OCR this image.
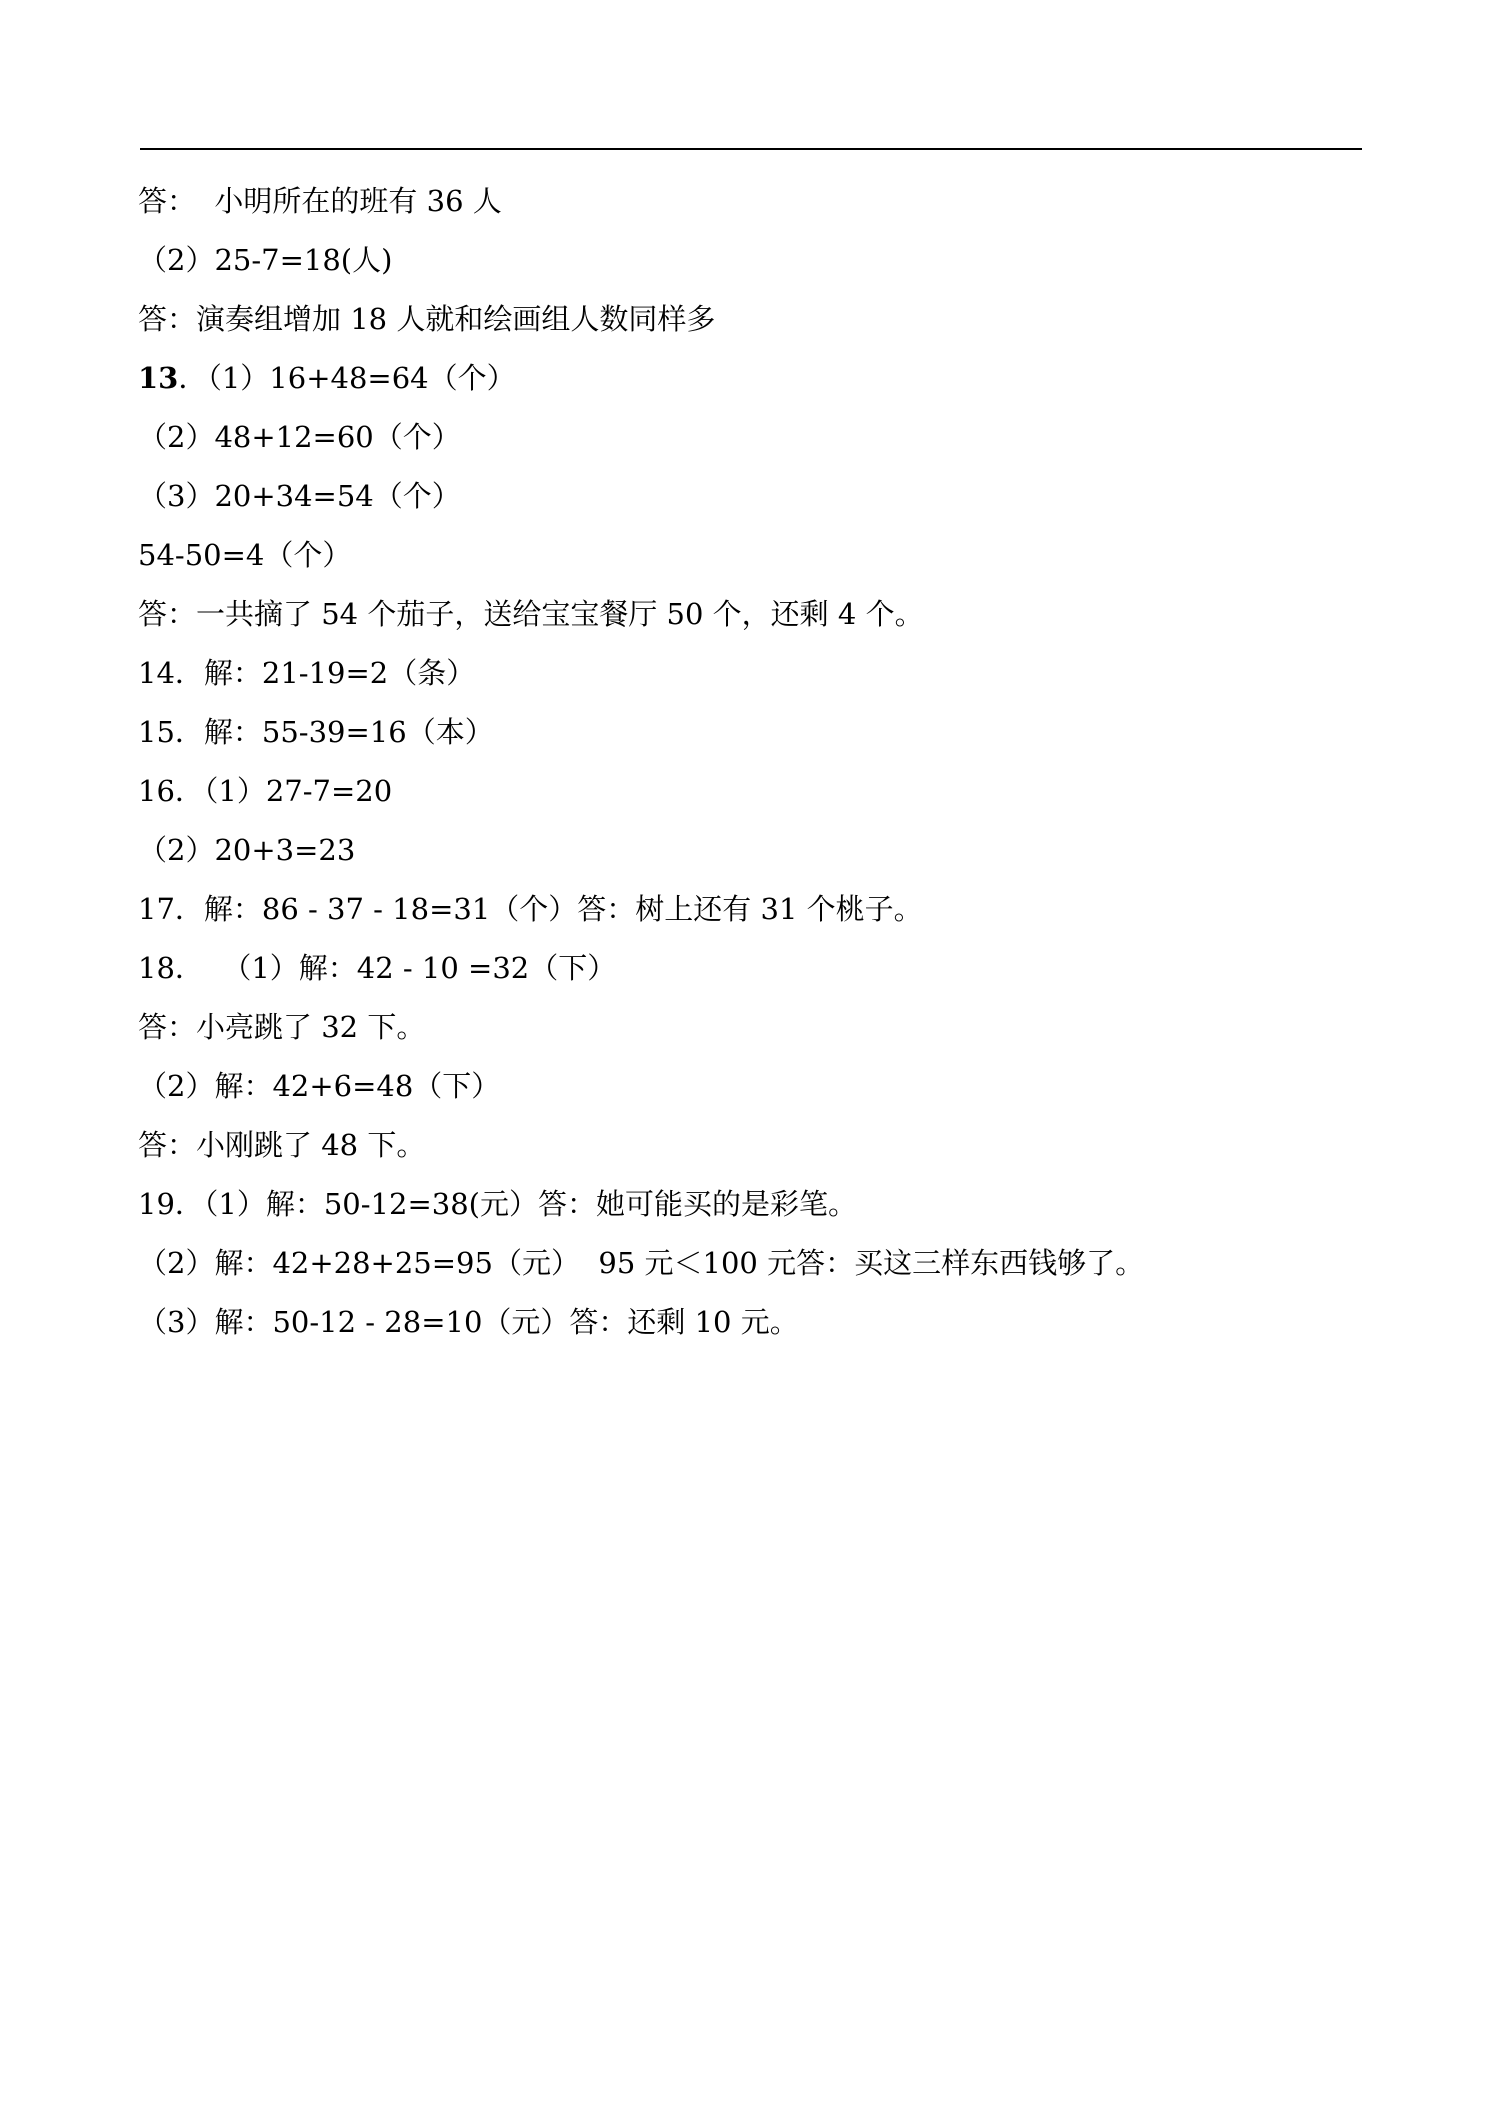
答：  小明所在的班有 36 人
（2）25-7=18(人)
答：演奏组增加 18 人就和绘画组人数同样多
13．（1）16+48=64（个）
（2）48+12=60（个）
（3）20+34=54（个）
54-50=4（个）
答：一共摘了 54 个茄子，送给宝宝餐厅 50 个，还剩 4 个。
14．解：21-19=2（条）
15．解：55-39=16（本）
16．（1）27-7=20
（2）20+3=23
17．解：86 - 37 - 18=31（个）答：树上还有 31 个桃子。
18．  （1）解：42 - 10 =32（下）
答：小亮跳了 32 下。
（2）解：42+6=48（下）
答：小刚跳了 48 下。
19．（1）解：50-12=38(元）答：她可能买的是彩笔。
（2）解：42+28+25=95（元）  95 元＜100 元答：买这三样东西钱够了。
（3）解：50-12 - 28=10（元）答：还剩 10 元。
